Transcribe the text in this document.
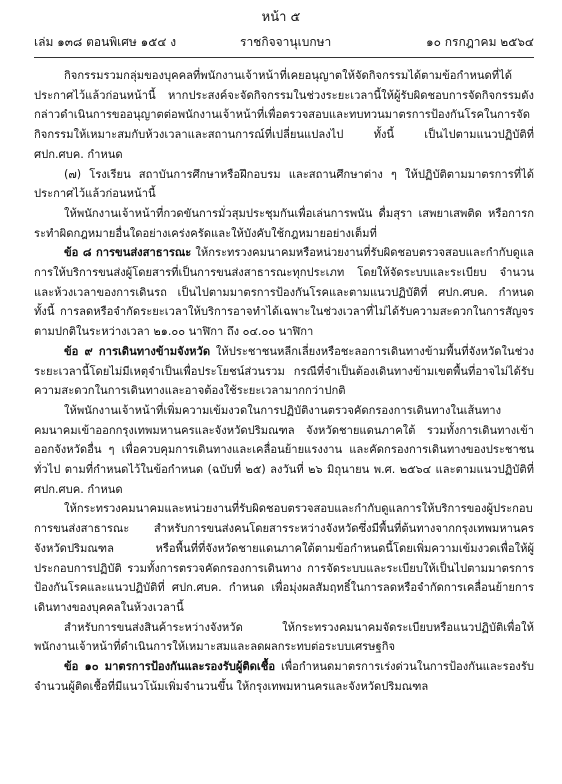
หน้า ๕
เล่ม ๑๓๘ ตอนพิเศษ ๑๕๔ ง	ราชกิจจานุเบกษา	๑๐ กรกฎาคม ๒๕๖๔

กิจกรรมรวมกลุ่มของบุคคลที่พนักงานเจ้าหน้าที่เคยอนุญาตให้จัดกิจกรรมได้ตามข้อกำหนดที่ได้ประกาศไว้แล้วก่อนหน้านี้ หากประสงค์จะจัดกิจกรรมในช่วงระยะเวลานี้ให้ผู้รับผิดชอบการจัดกิจกรรมดังกล่าวดำเนินการขออนุญาตต่อพนักงานเจ้าหน้าที่เพื่อตรวจสอบและทบทวนมาตรการป้องกันโรคในการจัดกิจกรรมให้เหมาะสมกับห้วงเวลาและสถานการณ์ที่เปลี่ยนแปลงไป ทั้งนี้ เป็นไปตามแนวปฏิบัติที่ ศปก.ศบค. กำหนด

(๗) โรงเรียน สถาบันการศึกษาหรือฝึกอบรม และสถานศึกษาต่าง ๆ ให้ปฏิบัติตามมาตรการที่ได้ประกาศไว้แล้วก่อนหน้านี้

ให้พนักงานเจ้าหน้าที่กวดขันการมั่วสุมประชุมกันเพื่อเล่นการพนัน ดื่มสุรา เสพยาเสพติด หรือการกระทำผิดกฎหมายอื่นใดอย่างเคร่งครัดและให้บังคับใช้กฎหมายอย่างเต็มที่

ข้อ ๘ การขนส่งสาธารณะ ให้กระทรวงคมนาคมหรือหน่วยงานที่รับผิดชอบตรวจสอบและกำกับดูแลการให้บริการขนส่งผู้โดยสารที่เป็นการขนส่งสาธารณะทุกประเภท โดยให้จัดระบบและระเบียบ จำนวน และห้วงเวลาของการเดินรถ เป็นไปตามมาตรการป้องกันโรคและตามแนวปฏิบัติที่ ศปก.ศบค. กำหนด ทั้งนี้ การลดหรือจำกัดระยะเวลาให้บริการอาจทำได้เฉพาะในช่วงเวลาที่ไม่ได้รับความสะดวกในการสัญจรตามปกติในระหว่างเวลา ๒๑.๐๐ นาฬิกา ถึง ๐๔.๐๐ นาฬิกา

ข้อ ๙ การเดินทางข้ามจังหวัด ให้ประชาชนหลีกเลี่ยงหรือชะลอการเดินทางข้ามพื้นที่จังหวัดในช่วงระยะเวลานี้โดยไม่มีเหตุจำเป็นเพื่อประโยชน์ส่วนรวม กรณีที่จำเป็นต้องเดินทางข้ามเขตพื้นที่อาจไม่ได้รับความสะดวกในการเดินทางและอาจต้องใช้ระยะเวลามากกว่าปกติ

ให้พนักงานเจ้าหน้าที่เพิ่มความเข้มงวดในการปฏิบัติงานตรวจคัดกรองการเดินทางในเส้นทางคมนาคมเข้าออกกรุงเทพมหานครและจังหวัดปริมณฑล จังหวัดชายแดนภาคใต้ รวมทั้งการเดินทางเข้าออกจังหวัดอื่น ๆ เพื่อควบคุมการเดินทางและเคลื่อนย้ายแรงงาน และคัดกรองการเดินทางของประชาชนทั่วไป ตามที่กำหนดไว้ในข้อกำหนด (ฉบับที่ ๒๕) ลงวันที่ ๒๖ มิถุนายน พ.ศ. ๒๕๖๔ และตามแนวปฏิบัติที่ ศปก.ศบค. กำหนด

ให้กระทรวงคมนาคมและหน่วยงานที่รับผิดชอบตรวจสอบและกำกับดูแลการให้บริการของผู้ประกอบการขนส่งสาธารณะ สำหรับการขนส่งคนโดยสารระหว่างจังหวัดซึ่งมีพื้นที่ต้นทางจากกรุงเทพมหานคร จังหวัดปริมณฑล หรือพื้นที่ที่จังหวัดชายแดนภาคใต้ตามข้อกำหนดนี้โดยเพิ่มความเข้มงวดเพื่อให้ผู้ประกอบการปฏิบัติ รวมทั้งการตรวจคัดกรองการเดินทาง การจัดระบบและระเบียบให้เป็นไปตามมาตรการป้องกันโรคและแนวปฏิบัติที่ ศปก.ศบค. กำหนด เพื่อมุ่งผลสัมฤทธิ์ในการลดหรือจำกัดการเคลื่อนย้ายการเดินทางของบุคคลในห้วงเวลานี้

สำหรับการขนส่งสินค้าระหว่างจังหวัด ให้กระทรวงคมนาคมจัดระเบียบหรือแนวปฏิบัติเพื่อให้พนักงานเจ้าหน้าที่ดำเนินการให้เหมาะสมและลดผลกระทบต่อระบบเศรษฐกิจ

ข้อ ๑๐ มาตรการป้องกันและรองรับผู้ติดเชื้อ เพื่อกำหนดมาตรการเร่งด่วนในการป้องกันและรองรับจำนวนผู้ติดเชื้อที่มีแนวโน้มเพิ่มจำนวนขึ้น ให้กรุงเทพมหานครและจังหวัดปริมณฑล
